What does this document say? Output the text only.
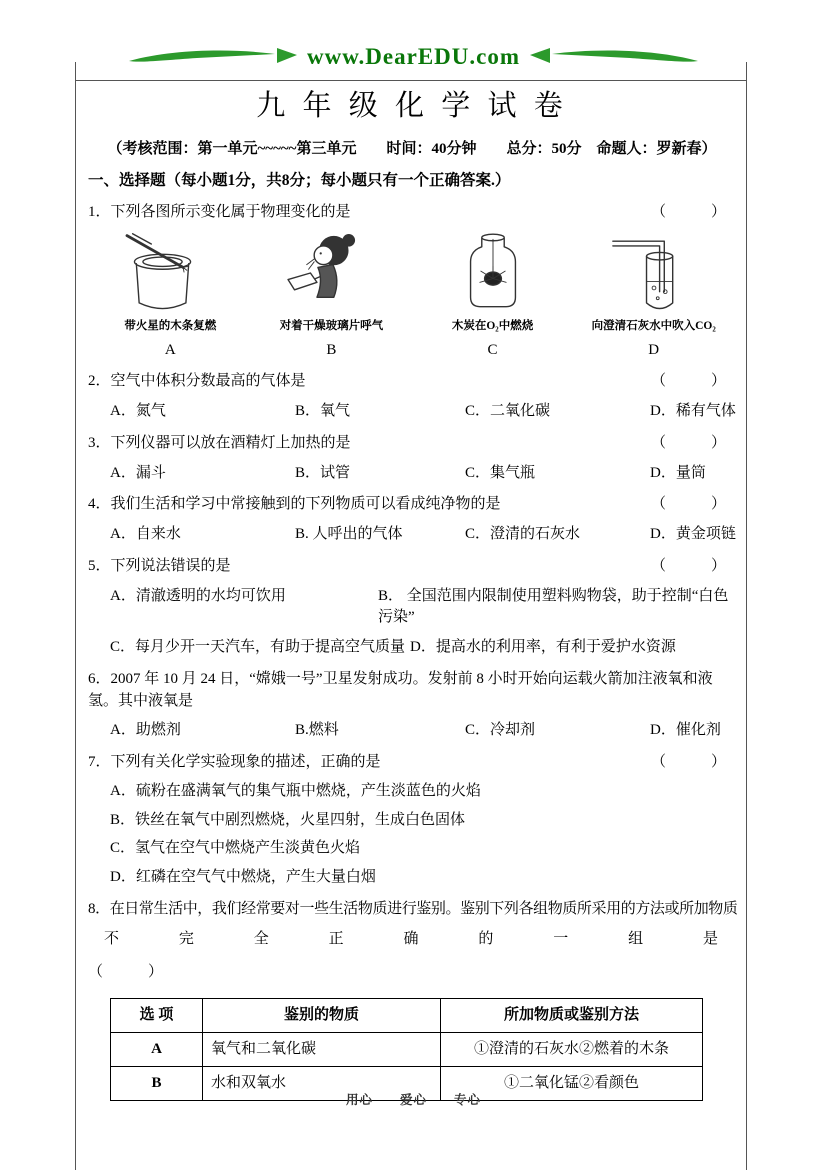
www.DearEDU.com
九 年 级 化 学 试 卷
（考核范围：第一单元~~~~~第三单元　　时间：40分钟　　总分：50分　命题人：罗新春）
一、选择题（每小题1分，共8分；每小题只有一个正确答案.）
1．下列各图所示变化属于物理变化的是	（　　　）
带火星的木条复燃
A
对着干燥玻璃片呼气
B
木炭在O₂中燃烧
C
向澄清石灰水中吹入CO₂
D
2．空气中体积分数最高的气体是	（　　　）
A．氮气	B．氧气	C．二氧化碳	D．稀有气体
3．下列仪器可以放在酒精灯上加热的是	（　　　）
A．漏斗	B．试管	C．集气瓶	D．量筒
4．我们生活和学习中常接触到的下列物质可以看成纯净物的是	（　　　）
A．自来水	B. 人呼出的气体	C．澄清的石灰水	D．黄金项链
5．下列说法错误的是	（　　　）
A．清澈透明的水均可饮用	B． 全国范围内限制使用塑料购物袋，助于控制“白色污染”
C．每月少开一天汽车，有助于提高空气质量 D．提高水的利用率，有利于爱护水资源
6．2007 年 10 月 24 日，“嫦娥一号”卫星发射成功。发射前 8 小时开始向运载火箭加注液氧和液氢。其中液氧是
A．助燃剂	B.燃料	C．冷却剂	D．催化剂
7．下列有关化学实验现象的描述，正确的是	（　　　）
A．硫粉在盛满氧气的集气瓶中燃烧，产生淡蓝色的火焰
B．铁丝在氧气中剧烈燃烧，火星四射，生成白色固体
C．氢气在空气中燃烧产生淡黄色火焰
D．红磷在空气气中燃烧，产生大量白烟
8．在日常生活中，我们经常要对一些生活物质进行鉴别。鉴别下列各组物质所采用的方法或所加物质
不完全正确的一组是
（　　　）
选 项	鉴别的物质	所加物质或鉴别方法
A	氧气和二氧化碳	①澄清的石灰水②燃着的木条
B	水和双氧水	①二氧化锰②看颜色
用心　　爱心　　专心
